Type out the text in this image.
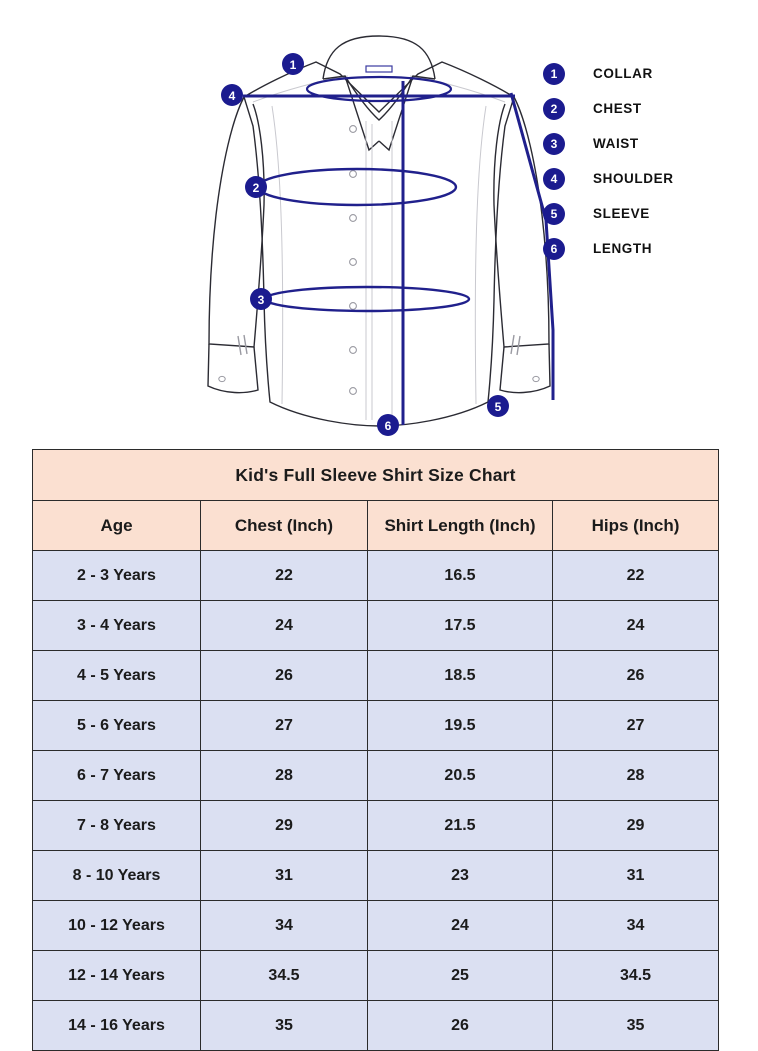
1
4
2
3
5
6
1	COLLAR
2	CHEST
3	WAIST
4	SHOULDER
5	SLEEVE
6	LENGTH
Kid's Full Sleeve Shirt Size Chart			
Age	Chest (Inch)	Shirt Length (Inch)	Hips (Inch)
2 - 3 Years	22	16.5	22
3 - 4 Years	24	17.5	24
4 - 5 Years	26	18.5	26
5 - 6 Years	27	19.5	27
6 - 7 Years	28	20.5	28
7 - 8 Years	29	21.5	29
8 - 10 Years	31	23	31
10 - 12 Years	34	24	34
12 - 14 Years	34.5	25	34.5
14 - 16 Years	35	26	35
